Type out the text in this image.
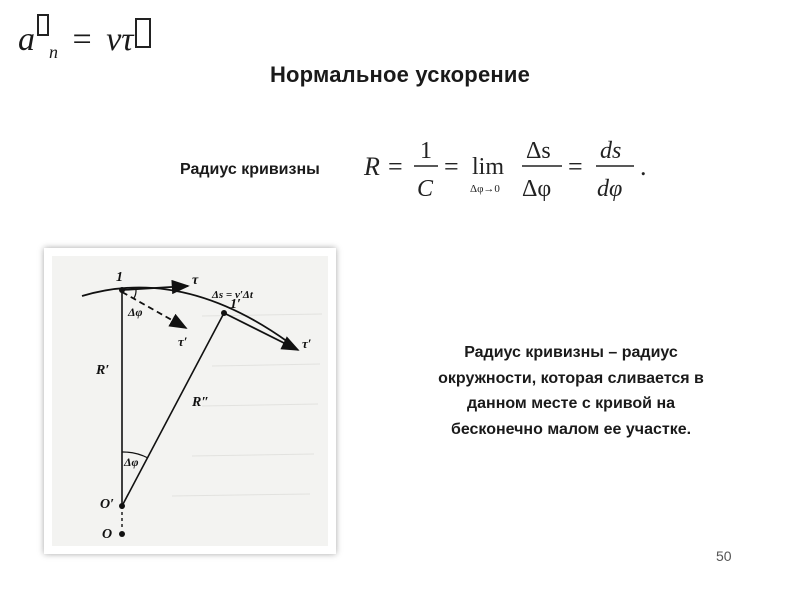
a $_n$ = vτ
Нормальное ускорение
Радиус кривизны R =
1
C
= lim
Δφ→0
Δs
Δφ
=
ds
dφ
.
1	τ
Δs = v′Δt
1′
Δφ
τ′	τ′
R′
R″
Δφ
O′
O
Радиус кривизны – радиус
окружности, которая сливается в
данном месте с кривой на
бесконечно малом ее участке.
50
